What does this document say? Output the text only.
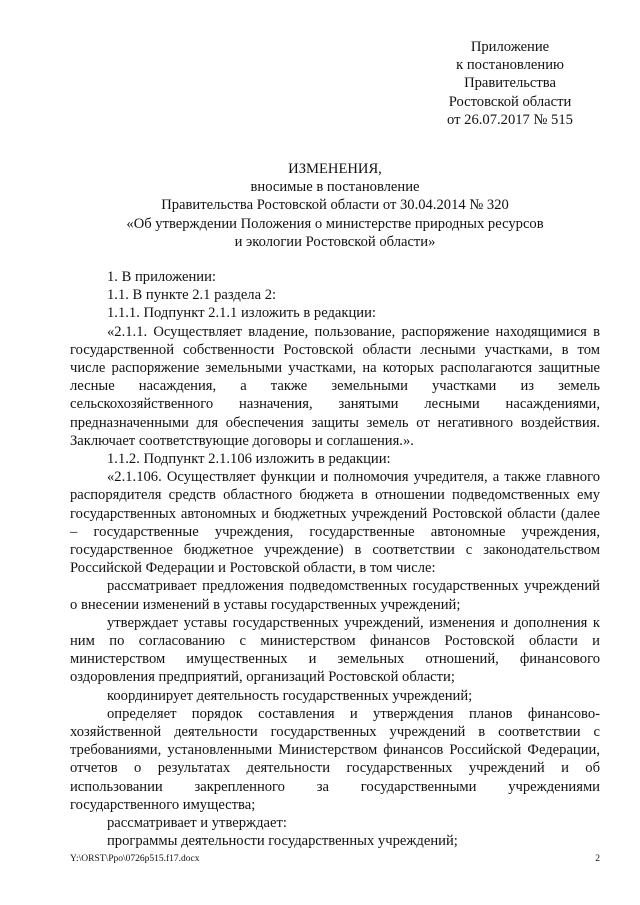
Приложение
к постановлению
Правительства
Ростовской области
от 26.07.2017 № 515
ИЗМЕНЕНИЯ,
вносимые в постановление
Правительства Ростовской области от 30.04.2014 № 320
«Об утверждении Положения о министерстве природных ресурсов
и экологии Ростовской области»

1. В приложении:

1.1. В пункте 2.1 раздела 2:

1.1.1. Подпункт 2.1.1 изложить в редакции:

«2.1.1. Осуществляет владение, пользование, распоряжение находящимися в государственной собственности Ростовской области лесными участками, в том числе распоряжение земельными участками, на которых располагаются защитные лесные насаждения, а также земельными участками из земель сельскохозяйственного назначения, занятыми лесными насаждениями, предназначенными для обеспечения защиты земель от негативного воздействия. Заключает соответствующие договоры и соглашения.».

1.1.2. Подпункт 2.1.106 изложить в редакции:

«2.1.106. Осуществляет функции и полномочия учредителя, а также главного распорядителя средств областного бюджета в отношении подведомственных ему государственных автономных и бюджетных учреждений Ростовской области (далее – государственные учреждения, государственные автономные учреждения, государственное бюджетное учреждение) в соответствии с законодательством Российской Федерации и Ростовской области, в том числе:

рассматривает предложения подведомственных государственных учреждений о внесении изменений в уставы государственных учреждений;

утверждает уставы государственных учреждений, изменения и дополнения к ним по согласованию с министерством финансов Ростовской области и министерством имущественных и земельных отношений, финансового оздоровления предприятий, организаций Ростовской области;

координирует деятельность государственных учреждений;

определяет порядок составления и утверждения планов финансово-хозяйственной деятельности государственных учреждений в соответствии с требованиями, установленными Министерством финансов Российской Федерации, отчетов о результатах деятельности государственных учреждений и об использовании закрепленного за государственными учреждениями государственного имущества;

рассматривает и утверждает:

программы деятельности государственных учреждений;

Y:\ORST\Ppo\0726p515.f17.docx	2
